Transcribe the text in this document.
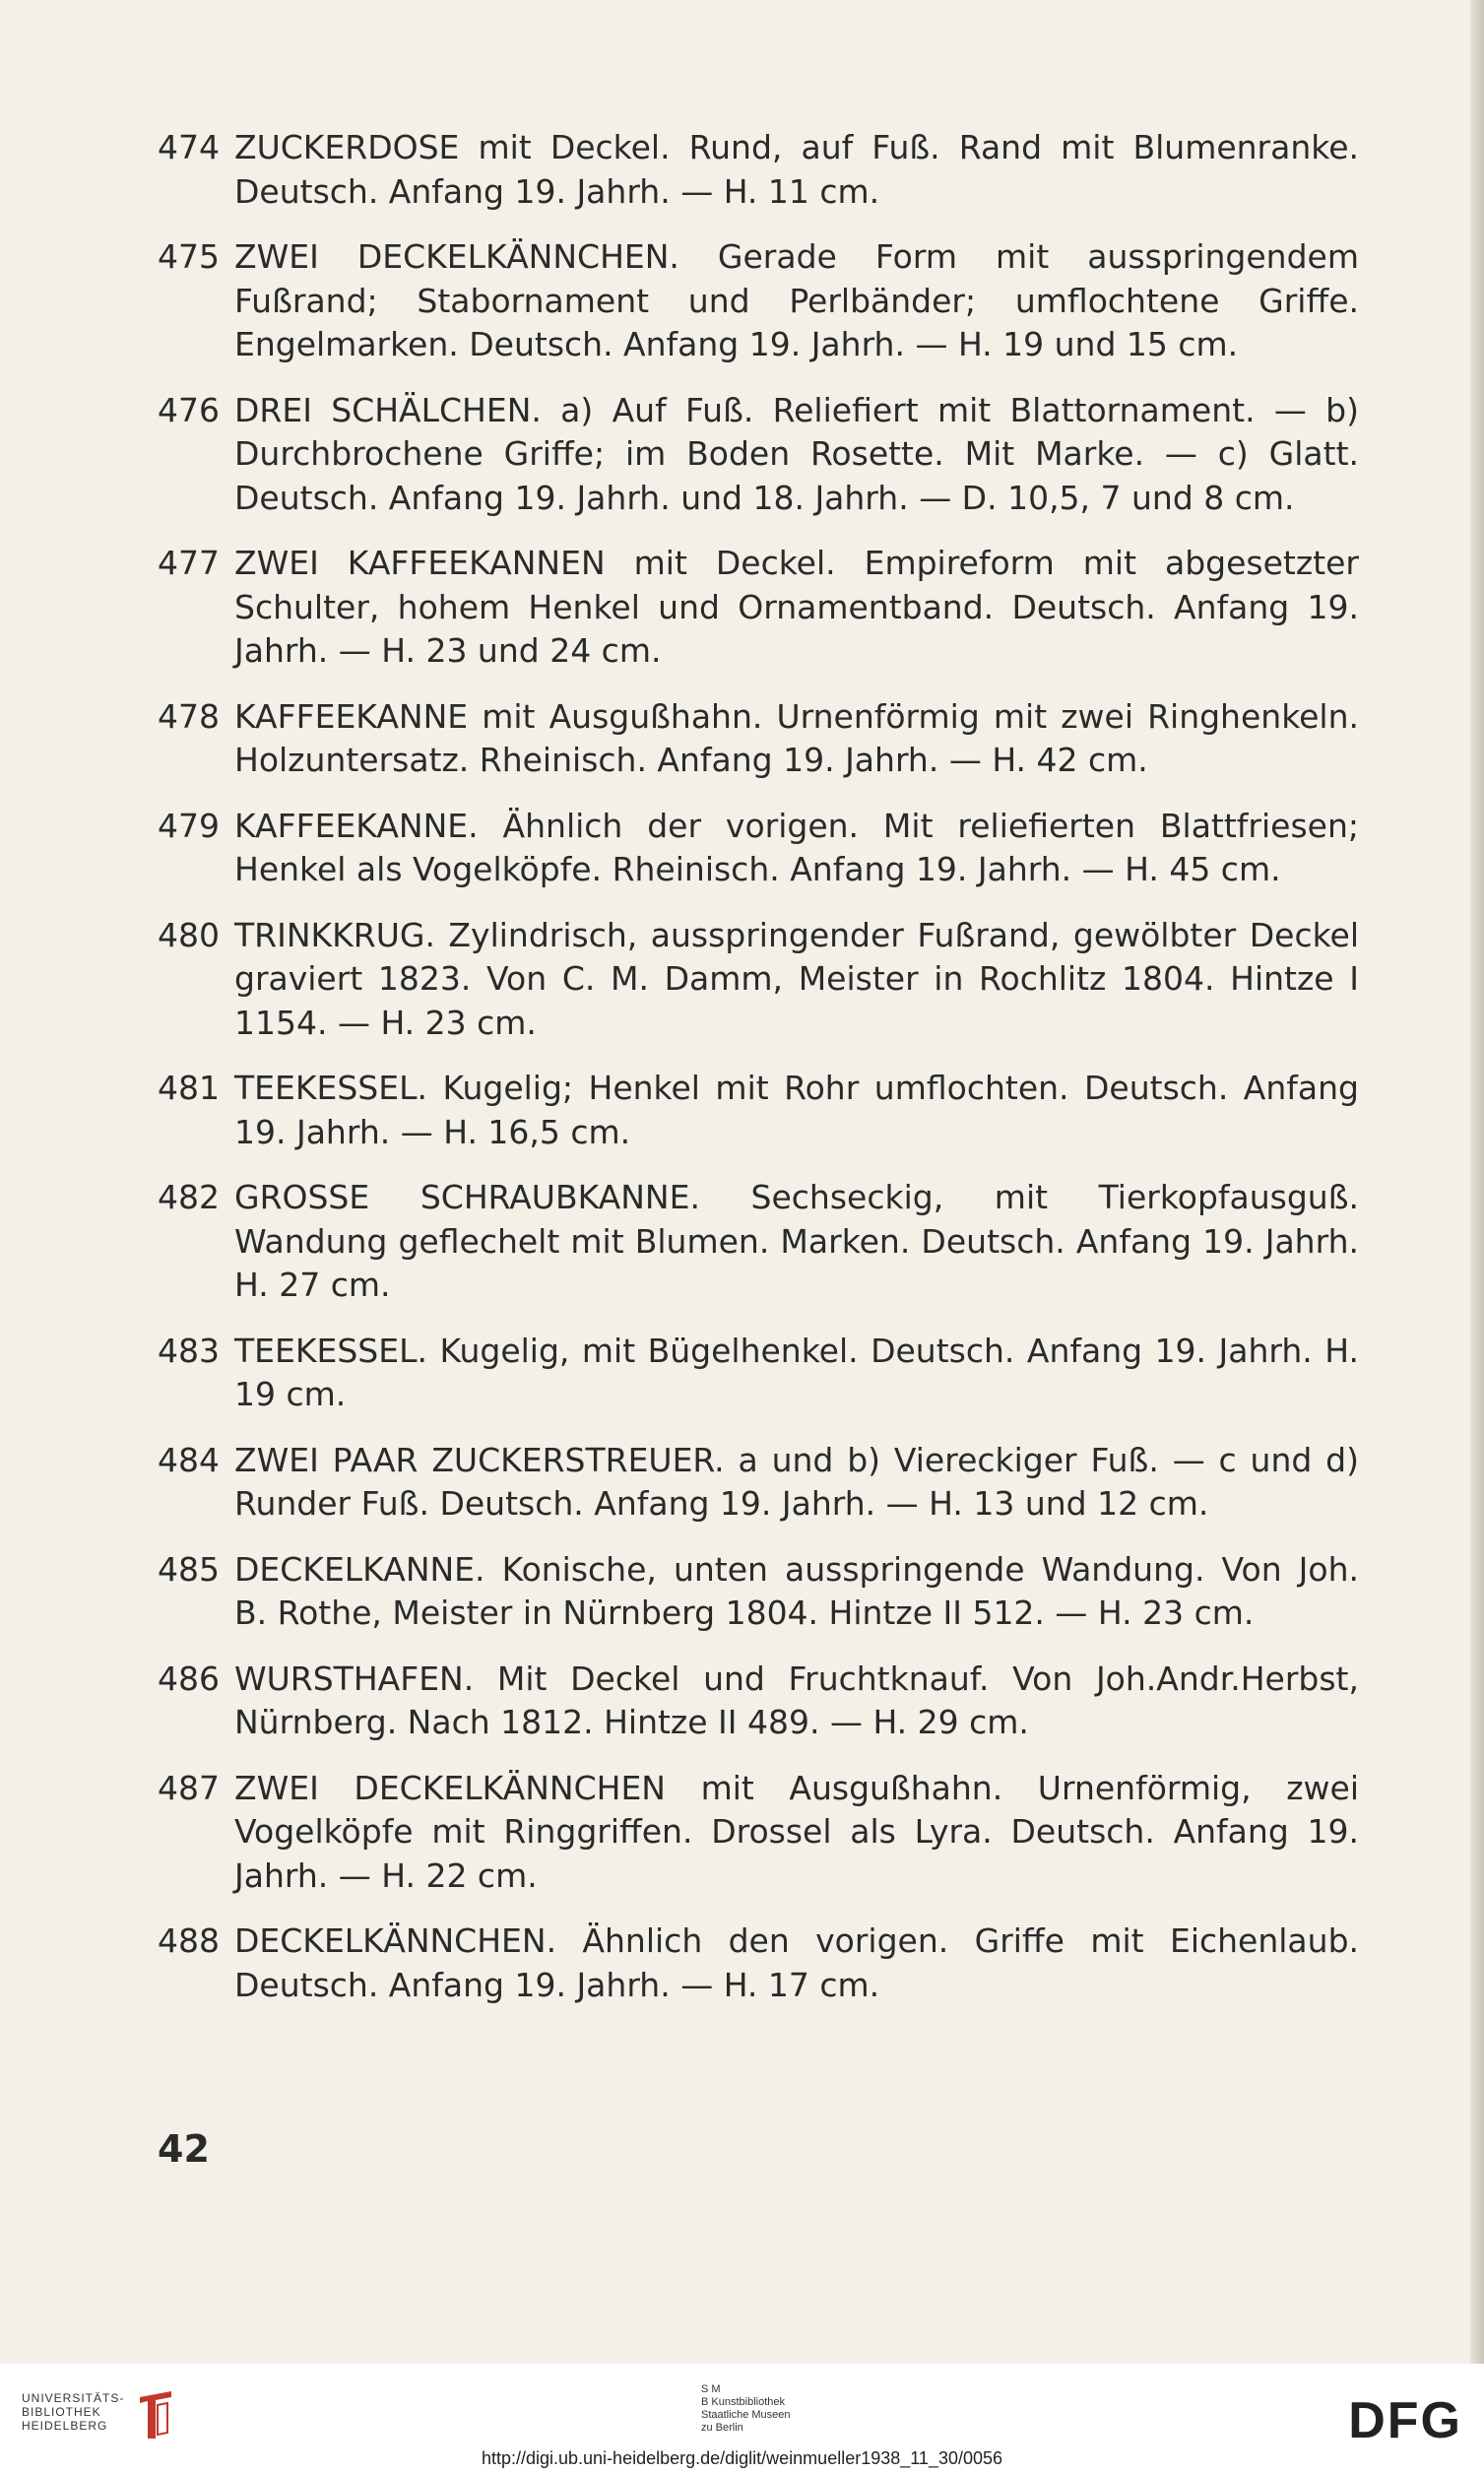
474 ZUCKERDOSE mit Deckel. Rund, auf Fuß. Rand mit Blumenranke. Deutsch. Anfang 19. Jahrh. — H. 11 cm.
475 ZWEI DECKELKÄNNCHEN. Gerade Form mit ausspringendem Fußrand; Stabornament und Perlbänder; umflochtene Griffe. Engelmarken. Deutsch. Anfang 19. Jahrh. — H. 19 und 15 cm.
476 DREI SCHÄLCHEN. a) Auf Fuß. Reliefiert mit Blattornament. — b) Durchbrochene Griffe; im Boden Rosette. Mit Marke. — c) Glatt. Deutsch. Anfang 19. Jahrh. und 18. Jahrh. — D. 10,5, 7 und 8 cm.
477 ZWEI KAFFEEKANNEN mit Deckel. Empireform mit abgesetzter Schulter, hohem Henkel und Ornamentband. Deutsch. Anfang 19. Jahrh. — H. 23 und 24 cm.
478 KAFFEEKANNE mit Ausgußhahn. Urnenförmig mit zwei Ringhenkeln. Holzuntersatz. Rheinisch. Anfang 19. Jahrh. — H. 42 cm.
479 KAFFEEKANNE. Ähnlich der vorigen. Mit reliefierten Blattfriesen; Henkel als Vogelköpfe. Rheinisch. Anfang 19. Jahrh. — H. 45 cm.
480 TRINKKRUG. Zylindrisch, ausspringender Fußrand, gewölbter Deckel graviert 1823. Von C. M. Damm, Meister in Rochlitz 1804. Hintze I 1154. — H. 23 cm.
481 TEEKESSEL. Kugelig; Henkel mit Rohr umflochten. Deutsch. Anfang 19. Jahrh. — H. 16,5 cm.
482 GROSSE SCHRAUBKANNE. Sechseckig, mit Tierkopfausguß. Wandung geflechelt mit Blumen. Marken. Deutsch. Anfang 19. Jahrh. H. 27 cm.
483 TEEKESSEL. Kugelig, mit Bügelhenkel. Deutsch. Anfang 19. Jahrh. H. 19 cm.
484 ZWEI PAAR ZUCKERSTREUER. a und b) Viereckiger Fuß. — c und d) Runder Fuß. Deutsch. Anfang 19. Jahrh. — H. 13 und 12 cm.
485 DECKELKANNE. Konische, unten ausspringende Wandung. Von Joh. B. Rothe, Meister in Nürnberg 1804. Hintze II 512. — H. 23 cm.
486 WURSTHAFEN. Mit Deckel und Fruchtknauf. Von Joh.Andr.Herbst, Nürnberg. Nach 1812. Hintze II 489. — H. 29 cm.
487 ZWEI DECKELKÄNNCHEN mit Ausgußhahn. Urnenförmig, zwei Vogelköpfe mit Ringgriffen. Drossel als Lyra. Deutsch. Anfang 19. Jahrh. — H. 22 cm.
488 DECKELKÄNNCHEN. Ähnlich den vorigen. Griffe mit Eichenlaub. Deutsch. Anfang 19. Jahrh. — H. 17 cm.
42
UNIVERSITÄTS-
BIBLIOTHEK
HEIDELBERG
S M
B Kunstbibliothek
Staatliche Museen
zu Berlin	DFG
http://digi.ub.uni-heidelberg.de/diglit/weinmueller1938_11_30/0056
